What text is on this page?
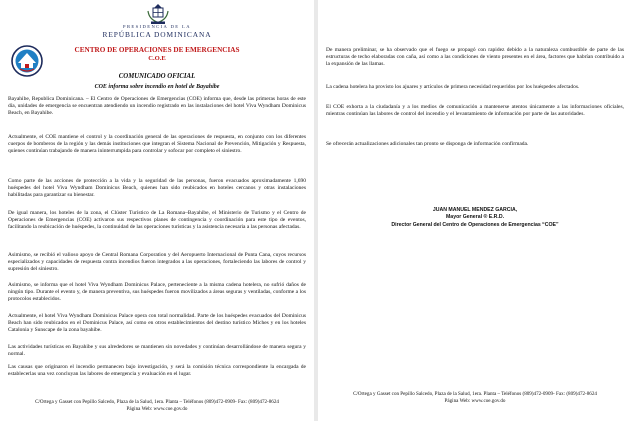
PRESIDENCIA DE LA
REPÚBLICA DOMINICANA
CENTRO DE OPERACIONES DE EMERGENCIAS
C.O.E
COMUNICADO OFICIAL
COE informa sobre incendio en hotel de Bayahibe

Bayahibe, Republica Dominicana. – El Centro de Operaciones de Emergencias (COE) informa que, desde las primeras horas de este día, unidades de emergencia se encuentran atendiendo un incendio registrado en las instalaciones del hotel Viva Wyndham Dominicus Beach, en Bayahibe.

Actualmente, el COE mantiene el control y la coordinación general de las operaciones de respuesta, en conjunto con los diferentes cuerpos de bomberos de la región y las demás instituciones que integran el Sistema Nacional de Prevención, Mitigación y Respuesta, quienes continúan trabajando de manera ininterrumpida para controlar y sofocar por completo el siniestro.

Como parte de las acciones de protección a la vida y la seguridad de las personas, fueron evacuados aproximadamente 1,690 huéspedes del hotel Viva Wyndham Dominicus Beach, quienes han sido reubicados en hoteles cercanos y otras instalaciones habilitadas para garantizar su bienestar.

De igual manera, los hoteles de la zona, el Clúster Turístico de La Romana–Bayahibe, el Ministerio de Turismo y el Centro de Operaciones de Emergencias (COE) activaron sus respectivos planes de contingencia y coordinación para este tipo de eventos, facilitando la reubicación de huéspedes, la continuidad de las operaciones turísticas y la asistencia necesaria a las personas afectadas.

Asimismo, se recibió el valioso apoyo de Central Romana Corporation y del Aeropuerto Internacional de Punta Cana, cuyos recursos especializados y capacidades de respuesta contra incendios fueron integrados a las operaciones, fortaleciendo las labores de control y supresión del siniestro.

Asimismo, se informa que el hotel Viva Wyndham Dominicus Palace, perteneciente a la misma cadena hotelera, no sufrió daños de ningún tipo. Durante el evento y, de manera preventiva, sus huéspedes fueron movilizados a áreas seguras y ventiladas, conforme a los protocolos establecidos.

Actualmente, el hotel Viva Wyndham Dominicus Palace opera con total normalidad. Parte de los huéspedes evacuados del Dominicus Beach han sido reubicados en el Dominicus Palace, así como en otros establecimientos del destino turístico Miches y en los hoteles Catalonia y Sunscape de la zona bayahibe.

Las actividades turísticas en Bayahibe y sus alrededores se mantienen sin novedades y continúan desarrollándose de manera segura y normal.

Las causas que originaron el incendio permanecen bajo investigación, y será la comisión técnica correspondiente la encargada de establecerlas una vez concluyan las labores de emergencia y evaluación en el lugar.

C/Ortega y Gasset con Pepillo Salcedo, Plaza de la Salud, 1era. Planta – Teléfonos (809)472-0909- Fax: (809)472-8624
Página Web: www.coe.gov.do

De manera preliminar, se ha observado que el fuego se propagó con rapidez debido a la naturaleza combustible de parte de las estructuras de techo elaboradas con caña, así como a las condiciones de viento presentes en el área, factores que habrían contribuido a la expansión de las llamas.

La cadena hotelera ha provisto los ajuares y artículos de primera necesidad requeridos por los huéspedes afectados.

El COE exhorta a la ciudadanía y a los medios de comunicación a mantenerse atentos únicamente a las informaciones oficiales, mientras continúan las labores de control del incendio y el levantamiento de información por parte de las autoridades.

Se ofrecerán actualizaciones adicionales tan pronto se disponga de información confirmada.

JUAN MANUEL MENDEZ GARCIA,
Mayor General ® E.R.D.
Director General del Centro de Operaciones de Emergencias “COE”
C/Ortega y Gasset con Pepillo Salcedo, Plaza de la Salud, 1era. Planta – Teléfonos (809)472-0909- Fax: (809)472-8624
Página Web: www.coe.gov.do
